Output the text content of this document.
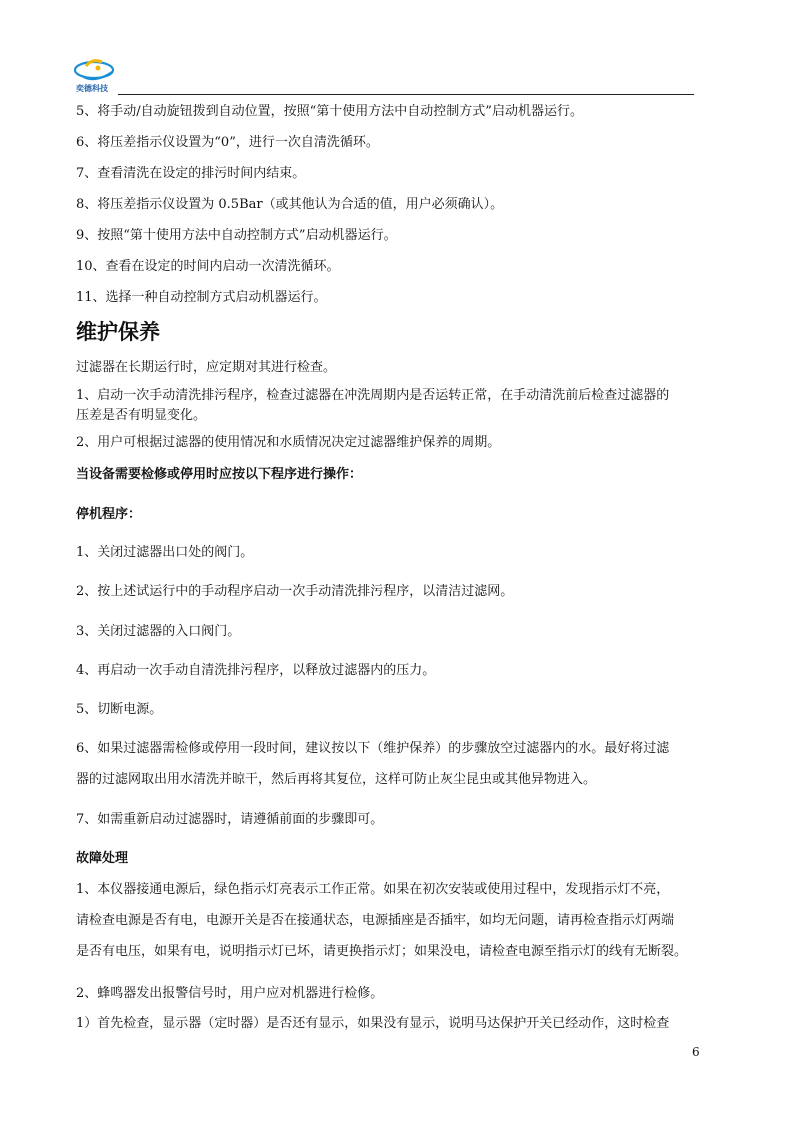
奕德科技
5、将手动/自动旋钮拨到自动位置，按照“第十使用方法中自动控制方式”启动机器运行。
6、将压差指示仪设置为“0”，进行一次自清洗循环。
7、查看清洗在设定的排污时间内结束。
8、将压差指示仪设置为 0.5Bar（或其他认为合适的值，用户必须确认）。
9、按照“第十使用方法中自动控制方式”启动机器运行。
10、查看在设定的时间内启动一次清洗循环。
11、选择一种自动控制方式启动机器运行。
维护保养
过滤器在长期运行时，应定期对其进行检查。
1、启动一次手动清洗排污程序，检查过滤器在冲洗周期内是否运转正常，在手动清洗前后检查过滤器的
压差是否有明显变化。
2、用户可根据过滤器的使用情况和水质情况决定过滤器维护保养的周期。
当设备需要检修或停用时应按以下程序进行操作：
停机程序：
1、关闭过滤器出口处的阀门。
2、按上述试运行中的手动程序启动一次手动清洗排污程序，以清洁过滤网。
3、关闭过滤器的入口阀门。
4、再启动一次手动自清洗排污程序，以释放过滤器内的压力。
5、切断电源。
6、如果过滤器需检修或停用一段时间，建议按以下（维护保养）的步骤放空过滤器内的水。最好将过滤
器的过滤网取出用水清洗并晾干，然后再将其复位，这样可防止灰尘昆虫或其他异物进入。
7、如需重新启动过滤器时，请遵循前面的步骤即可。
故障处理
1、本仪器接通电源后，绿色指示灯亮表示工作正常。如果在初次安装或使用过程中，发现指示灯不亮，
请检查电源是否有电，电源开关是否在接通状态，电源插座是否插牢，如均无问题，请再检查指示灯两端
是否有电压，如果有电，说明指示灯已坏，请更换指示灯；如果没电，请检查电源至指示灯的线有无断裂。
2、蜂鸣器发出报警信号时，用户应对机器进行检修。
1）首先检查，显示器（定时器）是否还有显示，如果没有显示，说明马达保护开关已经动作，这时检查
6
